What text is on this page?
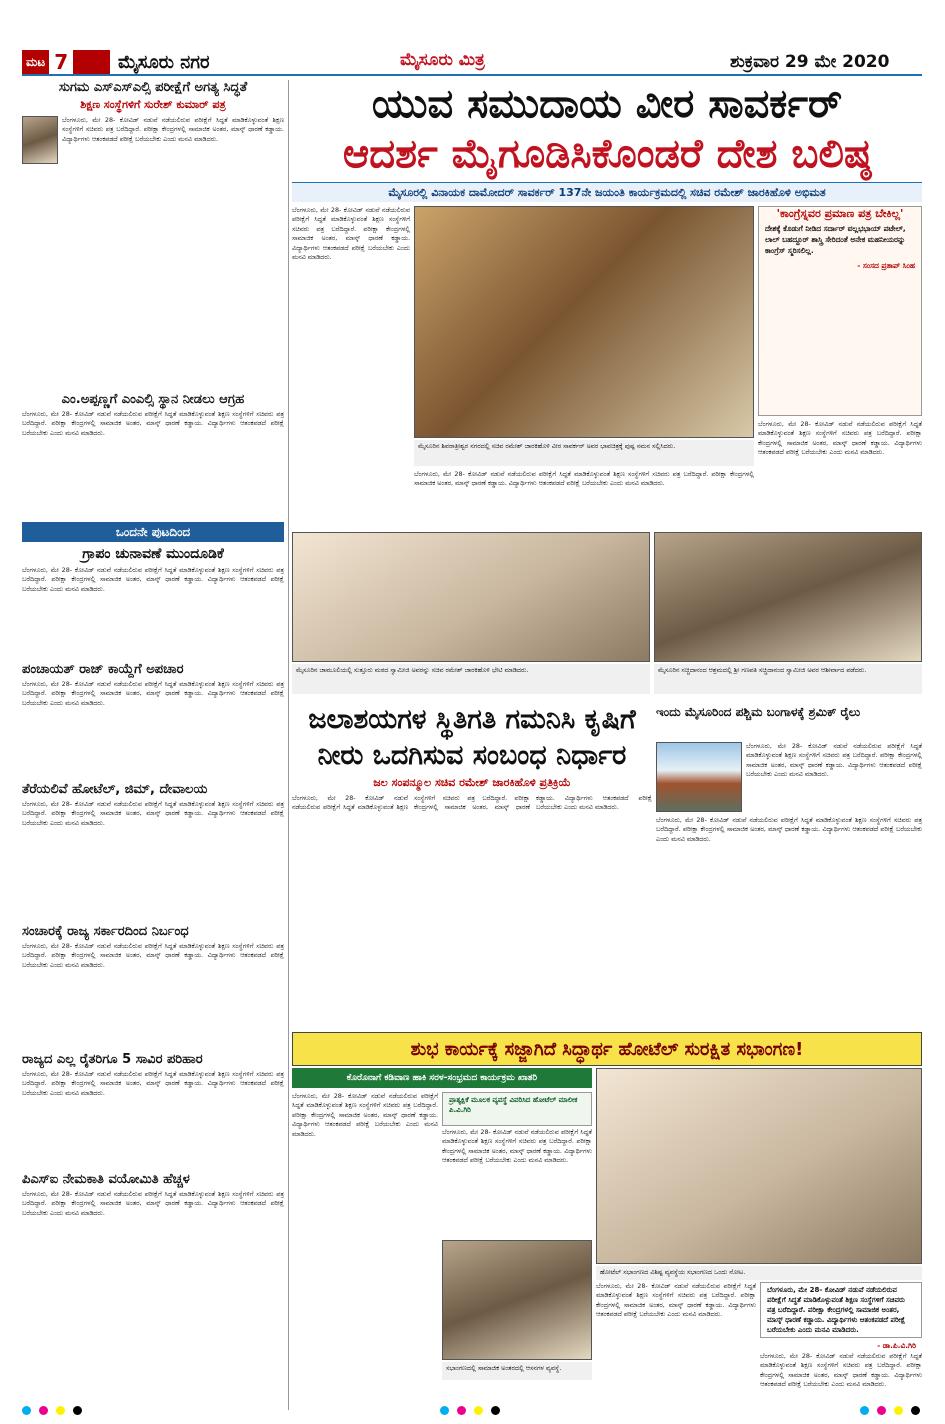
ಮಟ 7	ಮೈಸೂರು ನಗರ	ಮೈಸೂರು ಮಿತ್ರ	ಶುಕ್ರವಾರ 29 ಮೇ 2020
ಸುಗಮ ಎಸ್ಎಸ್ಎಲ್ಸಿ ಪರೀಕ್ಷೆಗೆ ಅಗತ್ಯ ಸಿದ್ಧತೆ
ಶಿಕ್ಷಣ ಸಂಸ್ಥೆಗಳಿಗೆ ಸುರೇಶ್ ಕುಮಾರ್ ಪತ್ರ
ಬೆಂಗಳೂರು, ಮೇ 28- ಕೋವಿಡ್ ನಡುವೆ ನಡೆಯಲಿರುವ ಪರೀಕ್ಷೆಗೆ ಸಿದ್ಧತೆ ಮಾಡಿಕೊಳ್ಳುವಂತೆ ಶಿಕ್ಷಣ ಸಂಸ್ಥೆಗಳಿಗೆ ಸಚಿವರು ಪತ್ರ ಬರೆದಿದ್ದಾರೆ. ಪರೀಕ್ಷಾ ಕೇಂದ್ರಗಳಲ್ಲಿ ಸಾಮಾಜಿಕ ಅಂತರ, ಮಾಸ್ಕ್ ಧಾರಣೆ ಕಡ್ಡಾಯ. ವಿದ್ಯಾರ್ಥಿಗಳು ಆತಂಕಪಡದೆ ಪರೀಕ್ಷೆ ಬರೆಯಬೇಕು ಎಂದು ಮನವಿ ಮಾಡಿದರು.
ಎಂ.ಅಪ್ಪಣ್ಣಗೆ ಎಂಎಲ್ಸಿ ಸ್ಥಾನ ನೀಡಲು ಆಗ್ರಹ
ಬೆಂಗಳೂರು, ಮೇ 28- ಕೋವಿಡ್ ನಡುವೆ ನಡೆಯಲಿರುವ ಪರೀಕ್ಷೆಗೆ ಸಿದ್ಧತೆ ಮಾಡಿಕೊಳ್ಳುವಂತೆ ಶಿಕ್ಷಣ ಸಂಸ್ಥೆಗಳಿಗೆ ಸಚಿವರು ಪತ್ರ ಬರೆದಿದ್ದಾರೆ. ಪರೀಕ್ಷಾ ಕೇಂದ್ರಗಳಲ್ಲಿ ಸಾಮಾಜಿಕ ಅಂತರ, ಮಾಸ್ಕ್ ಧಾರಣೆ ಕಡ್ಡಾಯ. ವಿದ್ಯಾರ್ಥಿಗಳು ಆತಂಕಪಡದೆ ಪರೀಕ್ಷೆ ಬರೆಯಬೇಕು ಎಂದು ಮನವಿ ಮಾಡಿದರು.
ಒಂದನೇ ಪುಟದಿಂದ
ಗ್ರಾಪಂ ಚುನಾವಣೆ ಮುಂದೂಡಿಕೆ
ಬೆಂಗಳೂರು, ಮೇ 28- ಕೋವಿಡ್ ನಡುವೆ ನಡೆಯಲಿರುವ ಪರೀಕ್ಷೆಗೆ ಸಿದ್ಧತೆ ಮಾಡಿಕೊಳ್ಳುವಂತೆ ಶಿಕ್ಷಣ ಸಂಸ್ಥೆಗಳಿಗೆ ಸಚಿವರು ಪತ್ರ ಬರೆದಿದ್ದಾರೆ. ಪರೀಕ್ಷಾ ಕೇಂದ್ರಗಳಲ್ಲಿ ಸಾಮಾಜಿಕ ಅಂತರ, ಮಾಸ್ಕ್ ಧಾರಣೆ ಕಡ್ಡಾಯ. ವಿದ್ಯಾರ್ಥಿಗಳು ಆತಂಕಪಡದೆ ಪರೀಕ್ಷೆ ಬರೆಯಬೇಕು ಎಂದು ಮನವಿ ಮಾಡಿದರು.
ಪಂಚಾಯತ್ ರಾಜ್ ಕಾಯ್ದೆಗೆ ಅಪಚಾರ
ಬೆಂಗಳೂರು, ಮೇ 28- ಕೋವಿಡ್ ನಡುವೆ ನಡೆಯಲಿರುವ ಪರೀಕ್ಷೆಗೆ ಸಿದ್ಧತೆ ಮಾಡಿಕೊಳ್ಳುವಂತೆ ಶಿಕ್ಷಣ ಸಂಸ್ಥೆಗಳಿಗೆ ಸಚಿವರು ಪತ್ರ ಬರೆದಿದ್ದಾರೆ. ಪರೀಕ್ಷಾ ಕೇಂದ್ರಗಳಲ್ಲಿ ಸಾಮಾಜಿಕ ಅಂತರ, ಮಾಸ್ಕ್ ಧಾರಣೆ ಕಡ್ಡಾಯ. ವಿದ್ಯಾರ್ಥಿಗಳು ಆತಂಕಪಡದೆ ಪರೀಕ್ಷೆ ಬರೆಯಬೇಕು ಎಂದು ಮನವಿ ಮಾಡಿದರು.
ತೆರೆಯಲಿವೆ ಹೋಟೆಲ್, ಜಿಮ್, ದೇವಾಲಯ
ಬೆಂಗಳೂರು, ಮೇ 28- ಕೋವಿಡ್ ನಡುವೆ ನಡೆಯಲಿರುವ ಪರೀಕ್ಷೆಗೆ ಸಿದ್ಧತೆ ಮಾಡಿಕೊಳ್ಳುವಂತೆ ಶಿಕ್ಷಣ ಸಂಸ್ಥೆಗಳಿಗೆ ಸಚಿವರು ಪತ್ರ ಬರೆದಿದ್ದಾರೆ. ಪರೀಕ್ಷಾ ಕೇಂದ್ರಗಳಲ್ಲಿ ಸಾಮಾಜಿಕ ಅಂತರ, ಮಾಸ್ಕ್ ಧಾರಣೆ ಕಡ್ಡಾಯ. ವಿದ್ಯಾರ್ಥಿಗಳು ಆತಂಕಪಡದೆ ಪರೀಕ್ಷೆ ಬರೆಯಬೇಕು ಎಂದು ಮನವಿ ಮಾಡಿದರು.
ಸಂಚಾರಕ್ಕೆ ರಾಜ್ಯ ಸರ್ಕಾರದಿಂದ ನಿರ್ಬಂಧ
ಬೆಂಗಳೂರು, ಮೇ 28- ಕೋವಿಡ್ ನಡುವೆ ನಡೆಯಲಿರುವ ಪರೀಕ್ಷೆಗೆ ಸಿದ್ಧತೆ ಮಾಡಿಕೊಳ್ಳುವಂತೆ ಶಿಕ್ಷಣ ಸಂಸ್ಥೆಗಳಿಗೆ ಸಚಿವರು ಪತ್ರ ಬರೆದಿದ್ದಾರೆ. ಪರೀಕ್ಷಾ ಕೇಂದ್ರಗಳಲ್ಲಿ ಸಾಮಾಜಿಕ ಅಂತರ, ಮಾಸ್ಕ್ ಧಾರಣೆ ಕಡ್ಡಾಯ. ವಿದ್ಯಾರ್ಥಿಗಳು ಆತಂಕಪಡದೆ ಪರೀಕ್ಷೆ ಬರೆಯಬೇಕು ಎಂದು ಮನವಿ ಮಾಡಿದರು.
ರಾಜ್ಯದ ಎಲ್ಲ ರೈತರಿಗೂ 5 ಸಾವಿರ ಪರಿಹಾರ
ಬೆಂಗಳೂರು, ಮೇ 28- ಕೋವಿಡ್ ನಡುವೆ ನಡೆಯಲಿರುವ ಪರೀಕ್ಷೆಗೆ ಸಿದ್ಧತೆ ಮಾಡಿಕೊಳ್ಳುವಂತೆ ಶಿಕ್ಷಣ ಸಂಸ್ಥೆಗಳಿಗೆ ಸಚಿವರು ಪತ್ರ ಬರೆದಿದ್ದಾರೆ. ಪರೀಕ್ಷಾ ಕೇಂದ್ರಗಳಲ್ಲಿ ಸಾಮಾಜಿಕ ಅಂತರ, ಮಾಸ್ಕ್ ಧಾರಣೆ ಕಡ್ಡಾಯ. ವಿದ್ಯಾರ್ಥಿಗಳು ಆತಂಕಪಡದೆ ಪರೀಕ್ಷೆ ಬರೆಯಬೇಕು ಎಂದು ಮನವಿ ಮಾಡಿದರು.
ಪಿಎಸ್ಐ ನೇಮಕಾತಿ ವಯೋಮಿತಿ ಹೆಚ್ಚಳ
ಬೆಂಗಳೂರು, ಮೇ 28- ಕೋವಿಡ್ ನಡುವೆ ನಡೆಯಲಿರುವ ಪರೀಕ್ಷೆಗೆ ಸಿದ್ಧತೆ ಮಾಡಿಕೊಳ್ಳುವಂತೆ ಶಿಕ್ಷಣ ಸಂಸ್ಥೆಗಳಿಗೆ ಸಚಿವರು ಪತ್ರ ಬರೆದಿದ್ದಾರೆ. ಪರೀಕ್ಷಾ ಕೇಂದ್ರಗಳಲ್ಲಿ ಸಾಮಾಜಿಕ ಅಂತರ, ಮಾಸ್ಕ್ ಧಾರಣೆ ಕಡ್ಡಾಯ. ವಿದ್ಯಾರ್ಥಿಗಳು ಆತಂಕಪಡದೆ ಪರೀಕ್ಷೆ ಬರೆಯಬೇಕು ಎಂದು ಮನವಿ ಮಾಡಿದರು.
ಯುವ ಸಮುದಾಯ ವೀರ ಸಾವರ್ಕರ್
ಆದರ್ಶ ಮೈಗೂಡಿಸಿಕೊಂಡರೆ ದೇಶ ಬಲಿಷ್ಠ
ಮೈಸೂರಲ್ಲಿ ವಿನಾಯಕ ದಾಮೋದರ್ ಸಾವರ್ಕರ್ 137ನೇ ಜಯಂತಿ ಕಾರ್ಯಕ್ರಮದಲ್ಲಿ ಸಚಿವ ರಮೇಶ್ ಜಾರಕಿಹೊಳಿ ಅಭಿಮತ
ಬೆಂಗಳೂರು, ಮೇ 28- ಕೋವಿಡ್ ನಡುವೆ ನಡೆಯಲಿರುವ ಪರೀಕ್ಷೆಗೆ ಸಿದ್ಧತೆ ಮಾಡಿಕೊಳ್ಳುವಂತೆ ಶಿಕ್ಷಣ ಸಂಸ್ಥೆಗಳಿಗೆ ಸಚಿವರು ಪತ್ರ ಬರೆದಿದ್ದಾರೆ. ಪರೀಕ್ಷಾ ಕೇಂದ್ರಗಳಲ್ಲಿ ಸಾಮಾಜಿಕ ಅಂತರ, ಮಾಸ್ಕ್ ಧಾರಣೆ ಕಡ್ಡಾಯ. ವಿದ್ಯಾರ್ಥಿಗಳು ಆತಂಕಪಡದೆ ಪರೀಕ್ಷೆ ಬರೆಯಬೇಕು ಎಂದು ಮನವಿ ಮಾಡಿದರು.
ಮೈಸೂರಿನ ಶಿವರಾತ್ರೀಶ್ವರ ನಗರದಲ್ಲಿ ಸಚಿವ ರಮೇಶ್ ಜಾರಕಿಹೊಳಿ ವೀರ ಸಾವರ್ಕರ್ ಅವರ ಭಾವಚಿತ್ರಕ್ಕೆ ಪುಷ್ಪ ನಮನ ಸಲ್ಲಿಸಿದರು.
ಬೆಂಗಳೂರು, ಮೇ 28- ಕೋವಿಡ್ ನಡುವೆ ನಡೆಯಲಿರುವ ಪರೀಕ್ಷೆಗೆ ಸಿದ್ಧತೆ ಮಾಡಿಕೊಳ್ಳುವಂತೆ ಶಿಕ್ಷಣ ಸಂಸ್ಥೆಗಳಿಗೆ ಸಚಿವರು ಪತ್ರ ಬರೆದಿದ್ದಾರೆ. ಪರೀಕ್ಷಾ ಕೇಂದ್ರಗಳಲ್ಲಿ ಸಾಮಾಜಿಕ ಅಂತರ, ಮಾಸ್ಕ್ ಧಾರಣೆ ಕಡ್ಡಾಯ. ವಿದ್ಯಾರ್ಥಿಗಳು ಆತಂಕಪಡದೆ ಪರೀಕ್ಷೆ ಬರೆಯಬೇಕು ಎಂದು ಮನವಿ ಮಾಡಿದರು.
'ಕಾಂಗ್ರೆಸ್ನವರ ಪ್ರಮಾಣ ಪತ್ರ ಬೇಕಿಲ್ಲ'
ದೇಶಕ್ಕೆ ಕೊಡುಗೆ ನೀಡಿದ ಸರ್ದಾರ್ ವಲ್ಲಭಭಾಯ್ ಪಟೇಲ್, ಲಾಲ್ ಬಹದ್ದೂರ್ ಶಾಸ್ತ್ರಿ ಸೇರಿದಂತೆ ಅನೇಕ ಮಹನೀಯರನ್ನು ಕಾಂಗ್ರೆಸ್ ಸ್ಮರಿಸಲಿಲ್ಲ.
- ಸಂಸದ ಪ್ರತಾಪ್ ಸಿಂಹ
ಬೆಂಗಳೂರು, ಮೇ 28- ಕೋವಿಡ್ ನಡುವೆ ನಡೆಯಲಿರುವ ಪರೀಕ್ಷೆಗೆ ಸಿದ್ಧತೆ ಮಾಡಿಕೊಳ್ಳುವಂತೆ ಶಿಕ್ಷಣ ಸಂಸ್ಥೆಗಳಿಗೆ ಸಚಿವರು ಪತ್ರ ಬರೆದಿದ್ದಾರೆ. ಪರೀಕ್ಷಾ ಕೇಂದ್ರಗಳಲ್ಲಿ ಸಾಮಾಜಿಕ ಅಂತರ, ಮಾಸ್ಕ್ ಧಾರಣೆ ಕಡ್ಡಾಯ. ವಿದ್ಯಾರ್ಥಿಗಳು ಆತಂಕಪಡದೆ ಪರೀಕ್ಷೆ ಬರೆಯಬೇಕು ಎಂದು ಮನವಿ ಮಾಡಿದರು.
ಮೈಸೂರಿನ ಜಾಮೂಲಿಯಲ್ಲಿ ಸುತ್ತೂರು ಮಠದ ಸ್ವಾಮೀಜಿ ಅವರನ್ನು ಸಚಿವ ರಮೇಶ್ ಜಾರಕಿಹೊಳಿ ಭೇಟಿ ಮಾಡಿದರು.	ಮೈಸೂರಿನ ಸಚ್ಚಿದಾನಂದ ಆಶ್ರಮದಲ್ಲಿ ಶ್ರೀ ಗಣಪತಿ ಸಚ್ಚಿದಾನಂದ ಸ್ವಾಮೀಜಿ ಅವರ ಆಶೀರ್ವಾದ ಪಡೆದರು.
ಜಲಾಶಯಗಳ ಸ್ಥಿತಿಗತಿ ಗಮನಿಸಿ ಕೃಷಿಗೆ
ನೀರು ಒದಗಿಸುವ ಸಂಬಂಧ ನಿರ್ಧಾರ
ಜಲ ಸಂಪನ್ಮೂಲ ಸಚಿವ ರಮೇಶ್ ಜಾರಕಿಹೊಳಿ ಪ್ರತಿಕ್ರಿಯೆ
ಬೆಂಗಳೂರು, ಮೇ 28- ಕೋವಿಡ್ ನಡುವೆ ನಡೆಯಲಿರುವ ಪರೀಕ್ಷೆಗೆ ಸಿದ್ಧತೆ ಮಾಡಿಕೊಳ್ಳುವಂತೆ ಶಿಕ್ಷಣ ಸಂಸ್ಥೆಗಳಿಗೆ ಸಚಿವರು ಪತ್ರ ಬರೆದಿದ್ದಾರೆ. ಪರೀಕ್ಷಾ ಕೇಂದ್ರಗಳಲ್ಲಿ ಸಾಮಾಜಿಕ ಅಂತರ, ಮಾಸ್ಕ್ ಧಾರಣೆ ಕಡ್ಡಾಯ. ವಿದ್ಯಾರ್ಥಿಗಳು ಆತಂಕಪಡದೆ ಪರೀಕ್ಷೆ ಬರೆಯಬೇಕು ಎಂದು ಮನವಿ ಮಾಡಿದರು.
ಇಂದು ಮೈಸೂರಿಂದ ಪಶ್ಚಿಮ ಬಂಗಾಳಕ್ಕೆ ಶ್ರಮಿಕ್ ರೈಲು
ಬೆಂಗಳೂರು, ಮೇ 28- ಕೋವಿಡ್ ನಡುವೆ ನಡೆಯಲಿರುವ ಪರೀಕ್ಷೆಗೆ ಸಿದ್ಧತೆ ಮಾಡಿಕೊಳ್ಳುವಂತೆ ಶಿಕ್ಷಣ ಸಂಸ್ಥೆಗಳಿಗೆ ಸಚಿವರು ಪತ್ರ ಬರೆದಿದ್ದಾರೆ. ಪರೀಕ್ಷಾ ಕೇಂದ್ರಗಳಲ್ಲಿ ಸಾಮಾಜಿಕ ಅಂತರ, ಮಾಸ್ಕ್ ಧಾರಣೆ ಕಡ್ಡಾಯ. ವಿದ್ಯಾರ್ಥಿಗಳು ಆತಂಕಪಡದೆ ಪರೀಕ್ಷೆ ಬರೆಯಬೇಕು ಎಂದು ಮನವಿ ಮಾಡಿದರು.
ಬೆಂಗಳೂರು, ಮೇ 28- ಕೋವಿಡ್ ನಡುವೆ ನಡೆಯಲಿರುವ ಪರೀಕ್ಷೆಗೆ ಸಿದ್ಧತೆ ಮಾಡಿಕೊಳ್ಳುವಂತೆ ಶಿಕ್ಷಣ ಸಂಸ್ಥೆಗಳಿಗೆ ಸಚಿವರು ಪತ್ರ ಬರೆದಿದ್ದಾರೆ. ಪರೀಕ್ಷಾ ಕೇಂದ್ರಗಳಲ್ಲಿ ಸಾಮಾಜಿಕ ಅಂತರ, ಮಾಸ್ಕ್ ಧಾರಣೆ ಕಡ್ಡಾಯ. ವಿದ್ಯಾರ್ಥಿಗಳು ಆತಂಕಪಡದೆ ಪರೀಕ್ಷೆ ಬರೆಯಬೇಕು ಎಂದು ಮನವಿ ಮಾಡಿದರು.
ಶುಭ ಕಾರ್ಯಕ್ಕೆ ಸಜ್ಜಾಗಿದೆ ಸಿದ್ಧಾರ್ಥ ಹೋಟೆಲ್ ಸುರಕ್ಷಿತ ಸಭಾಂಗಣ!
ಕೊರೊನಾಗೆ ಕಡಿವಾಣ ಹಾಕಿ ಸರಳ-ಸಂಭ್ರಮದ ಕಾರ್ಯಕ್ರಮ ಖಾತರಿ
ಬೆಂಗಳೂರು, ಮೇ 28- ಕೋವಿಡ್ ನಡುವೆ ನಡೆಯಲಿರುವ ಪರೀಕ್ಷೆಗೆ ಸಿದ್ಧತೆ ಮಾಡಿಕೊಳ್ಳುವಂತೆ ಶಿಕ್ಷಣ ಸಂಸ್ಥೆಗಳಿಗೆ ಸಚಿವರು ಪತ್ರ ಬರೆದಿದ್ದಾರೆ. ಪರೀಕ್ಷಾ ಕೇಂದ್ರಗಳಲ್ಲಿ ಸಾಮಾಜಿಕ ಅಂತರ, ಮಾಸ್ಕ್ ಧಾರಣೆ ಕಡ್ಡಾಯ. ವಿದ್ಯಾರ್ಥಿಗಳು ಆತಂಕಪಡದೆ ಪರೀಕ್ಷೆ ಬರೆಯಬೇಕು ಎಂದು ಮನವಿ ಮಾಡಿದರು.
ಪ್ರಾತ್ಯಕ್ಷಿಕೆ ಮೂಲಕ ವ್ಯವಸ್ಥೆ ವಿವರಿಸಿದ ಹೋಟೆಲ್ ಮಾಲೀಕ ಪಿ.ವಿ.ಗಿರಿ
ಬೆಂಗಳೂರು, ಮೇ 28- ಕೋವಿಡ್ ನಡುವೆ ನಡೆಯಲಿರುವ ಪರೀಕ್ಷೆಗೆ ಸಿದ್ಧತೆ ಮಾಡಿಕೊಳ್ಳುವಂತೆ ಶಿಕ್ಷಣ ಸಂಸ್ಥೆಗಳಿಗೆ ಸಚಿವರು ಪತ್ರ ಬರೆದಿದ್ದಾರೆ. ಪರೀಕ್ಷಾ ಕೇಂದ್ರಗಳಲ್ಲಿ ಸಾಮಾಜಿಕ ಅಂತರ, ಮಾಸ್ಕ್ ಧಾರಣೆ ಕಡ್ಡಾಯ. ವಿದ್ಯಾರ್ಥಿಗಳು ಆತಂಕಪಡದೆ ಪರೀಕ್ಷೆ ಬರೆಯಬೇಕು ಎಂದು ಮನವಿ ಮಾಡಿದರು.
ಹೋಟೆಲ್ ಸಭಾಂಗಣದ ವಿಶಿಷ್ಟ ವ್ಯವಸ್ಥೆಯ ಸಭಾಂಗಣದ ಒಂದು ನೋಟ.
ಸಭಾಂಗಣದಲ್ಲಿ ಸಾಮಾಜಿಕ ಅಂತರದಲ್ಲಿ ಆಸನಗಳ ವ್ಯವಸ್ಥೆ.
ಬೆಂಗಳೂರು, ಮೇ 28- ಕೋವಿಡ್ ನಡುವೆ ನಡೆಯಲಿರುವ ಪರೀಕ್ಷೆಗೆ ಸಿದ್ಧತೆ ಮಾಡಿಕೊಳ್ಳುವಂತೆ ಶಿಕ್ಷಣ ಸಂಸ್ಥೆಗಳಿಗೆ ಸಚಿವರು ಪತ್ರ ಬರೆದಿದ್ದಾರೆ. ಪರೀಕ್ಷಾ ಕೇಂದ್ರಗಳಲ್ಲಿ ಸಾಮಾಜಿಕ ಅಂತರ, ಮಾಸ್ಕ್ ಧಾರಣೆ ಕಡ್ಡಾಯ. ವಿದ್ಯಾರ್ಥಿಗಳು ಆತಂಕಪಡದೆ ಪರೀಕ್ಷೆ ಬರೆಯಬೇಕು ಎಂದು ಮನವಿ ಮಾಡಿದರು.
ಬೆಂಗಳೂರು, ಮೇ 28- ಕೋವಿಡ್ ನಡುವೆ ನಡೆಯಲಿರುವ ಪರೀಕ್ಷೆಗೆ ಸಿದ್ಧತೆ ಮಾಡಿಕೊಳ್ಳುವಂತೆ ಶಿಕ್ಷಣ ಸಂಸ್ಥೆಗಳಿಗೆ ಸಚಿವರು ಪತ್ರ ಬರೆದಿದ್ದಾರೆ. ಪರೀಕ್ಷಾ ಕೇಂದ್ರಗಳಲ್ಲಿ ಸಾಮಾಜಿಕ ಅಂತರ, ಮಾಸ್ಕ್ ಧಾರಣೆ ಕಡ್ಡಾಯ. ವಿದ್ಯಾರ್ಥಿಗಳು ಆತಂಕಪಡದೆ ಪರೀಕ್ಷೆ ಬರೆಯಬೇಕು ಎಂದು ಮನವಿ ಮಾಡಿದರು.
- ಡಾ.ಪಿ.ವಿ.ಗಿರಿ
ಬೆಂಗಳೂರು, ಮೇ 28- ಕೋವಿಡ್ ನಡುವೆ ನಡೆಯಲಿರುವ ಪರೀಕ್ಷೆಗೆ ಸಿದ್ಧತೆ ಮಾಡಿಕೊಳ್ಳುವಂತೆ ಶಿಕ್ಷಣ ಸಂಸ್ಥೆಗಳಿಗೆ ಸಚಿವರು ಪತ್ರ ಬರೆದಿದ್ದಾರೆ. ಪರೀಕ್ಷಾ ಕೇಂದ್ರಗಳಲ್ಲಿ ಸಾಮಾಜಿಕ ಅಂತರ, ಮಾಸ್ಕ್ ಧಾರಣೆ ಕಡ್ಡಾಯ. ವಿದ್ಯಾರ್ಥಿಗಳು ಆತಂಕಪಡದೆ ಪರೀಕ್ಷೆ ಬರೆಯಬೇಕು ಎಂದು ಮನವಿ ಮಾಡಿದರು.
